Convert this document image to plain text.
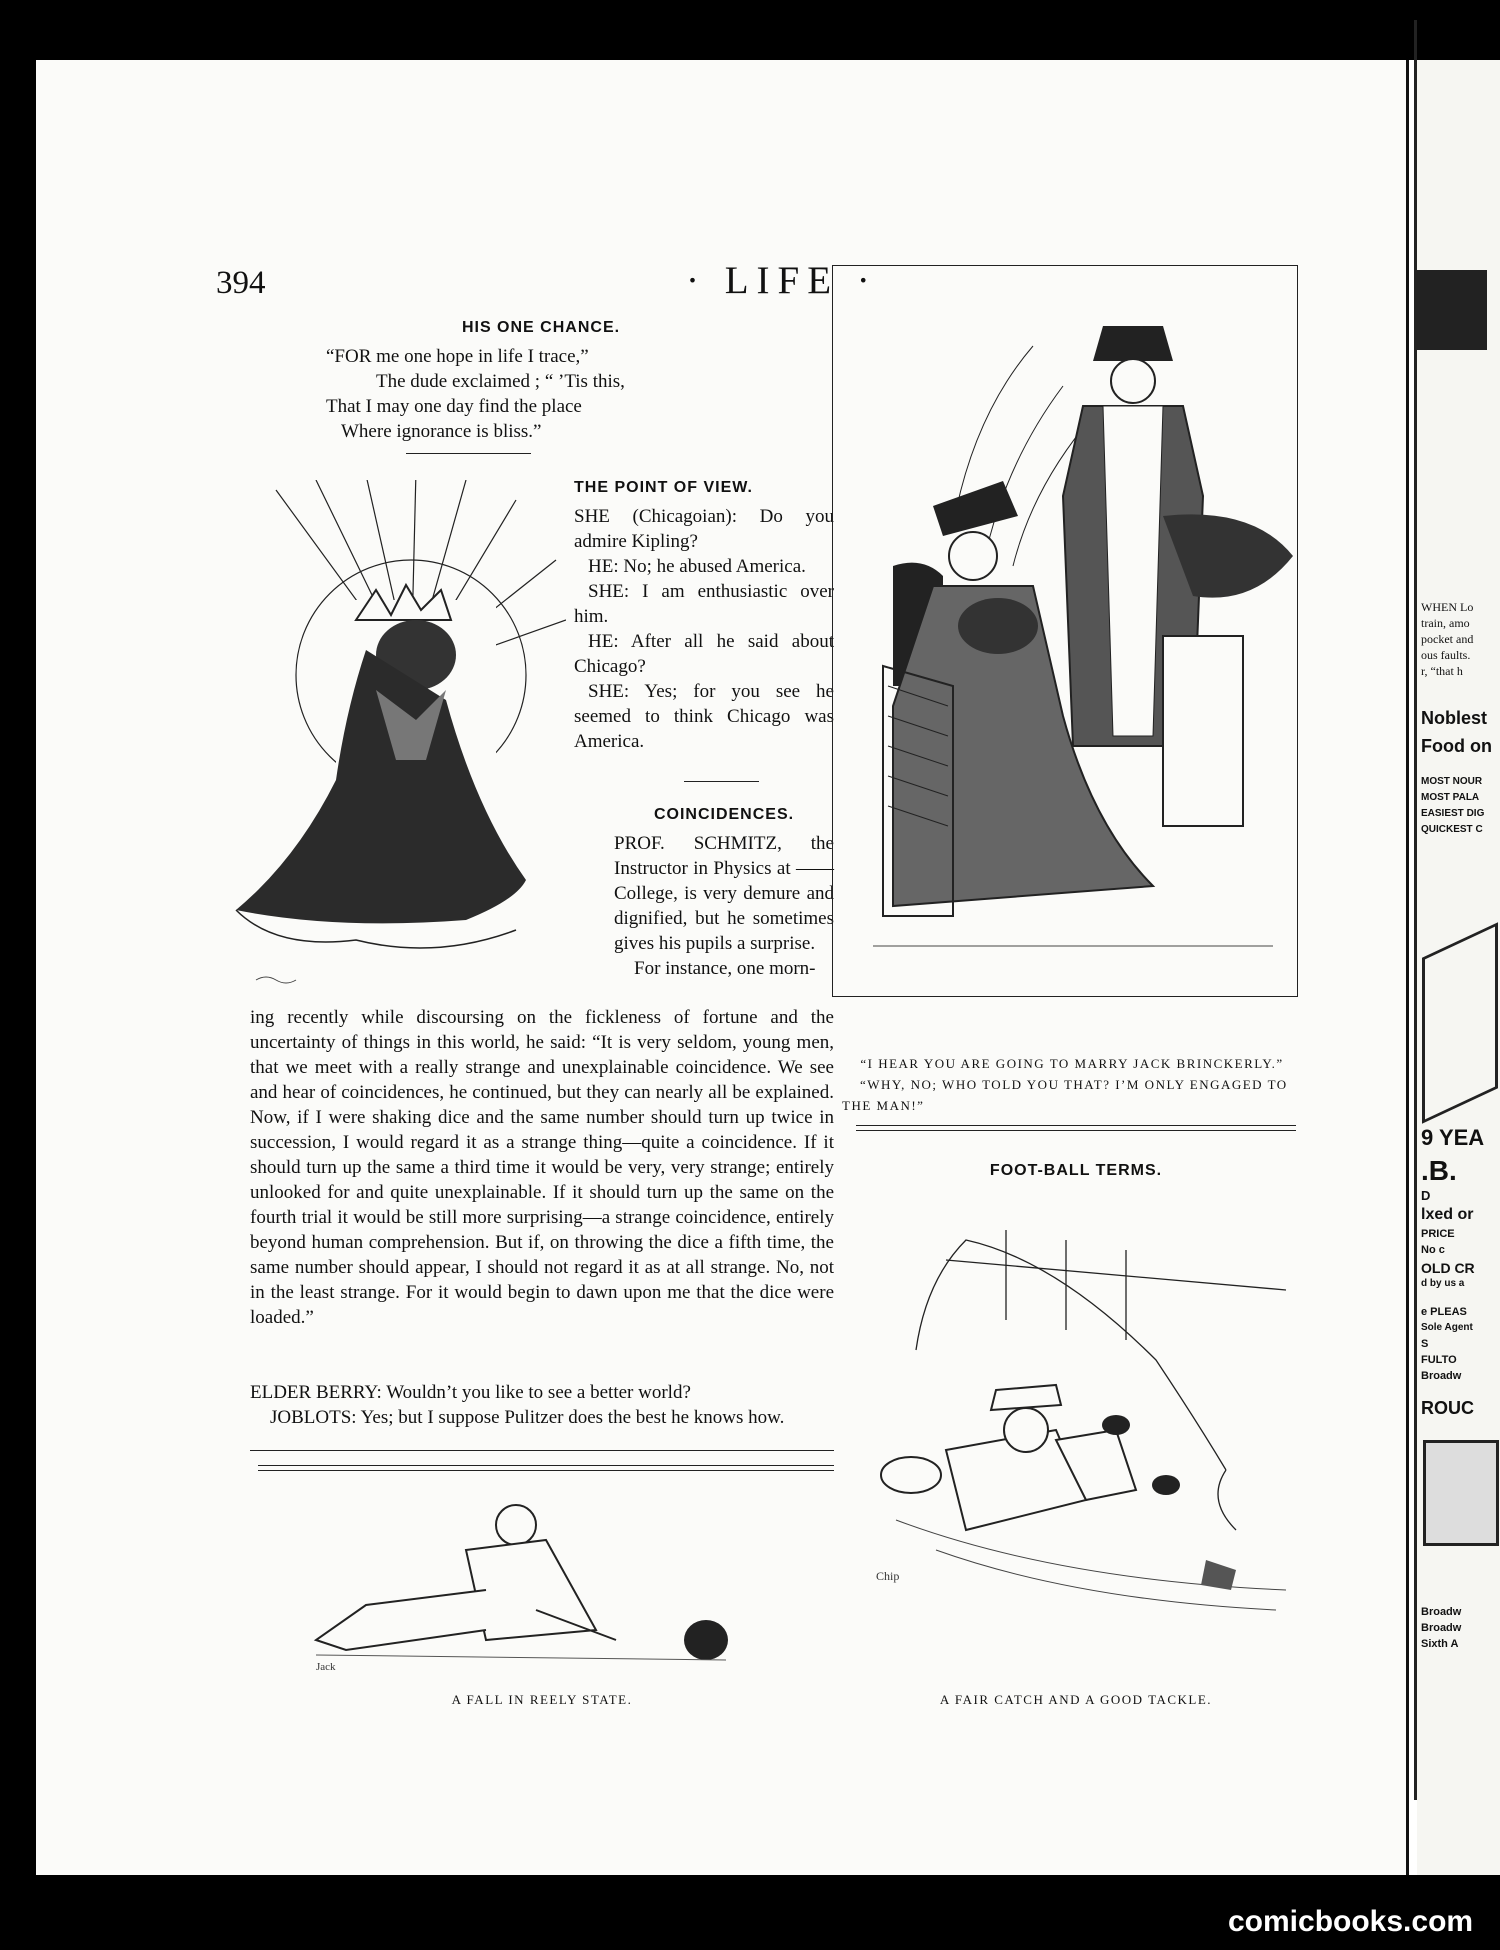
394	· LIFE ·
HIS ONE CHANCE.

“FOR me one hope in life I trace,”

The dude exclaimed ; “ ’Tis this,

That I may one day find the place

Where ignorance is bliss.”

THE POINT OF VIEW.

SHE (Chicagoian): Do you admire Kipling?

HE: No; he abused America.

SHE: I am enthusiastic over him.

HE: After all he said about Chicago?

SHE: Yes; for you see he seemed to think Chicago was America.

COINCIDENCES.

PROF. SCHMITZ, the Instructor in Physics at —— College, is very demure and dignified, but he sometimes gives his pupils a surprise.

For instance, one morn-

ing recently while discoursing on the fickleness of fortune and the uncertainty of things in this world, he said: “It is very seldom, young men, that we meet with a really strange and unexplainable coincidence. We see and hear of coincidences, he continued, but they can nearly all be explained. Now, if I were shaking dice and the same number should turn up twice in succession, I would regard it as a strange thing—quite a coincidence. If it should turn up the same a third time it would be very, very strange; entirely unlooked for and quite unexplainable. If it should turn up the same on the fourth trial it would be still more surprising—a strange coincidence, entirely beyond human comprehension. But if, on throwing the dice a fifth time, the same number should appear, I should not regard it as at all strange. No, not in the least strange. For it would begin to dawn upon me that the dice were loaded.”

ELDER BERRY: Wouldn’t you like to see a better world?

JOBLOTS: Yes; but I suppose Pulitzer does the best he knows how.

Jack
A FALL IN REELY STATE.
“I HEAR YOU ARE GOING TO MARRY JACK BRINCKERLY.”
“WHY, NO; WHO TOLD YOU THAT? I’M ONLY ENGAGED TO THE MAN!”
FOOT-BALL TERMS.
Chip
A FAIR CATCH AND A GOOD TACKLE.
WHEN Lo
train, amo
pocket and
ous faults.
r, “that h
Noblest
Food on
MOST NOUR
MOST PALA
EASIEST DIG
QUICKEST C
9 YEA
.B.
D
lxed or
PRICE
No c
OLD CR
d by us a
e PLEAS
Sole Agent
S
FULTO
Broadw
ROUC
Broadw
Broadw
Sixth A
comicbooks.com
